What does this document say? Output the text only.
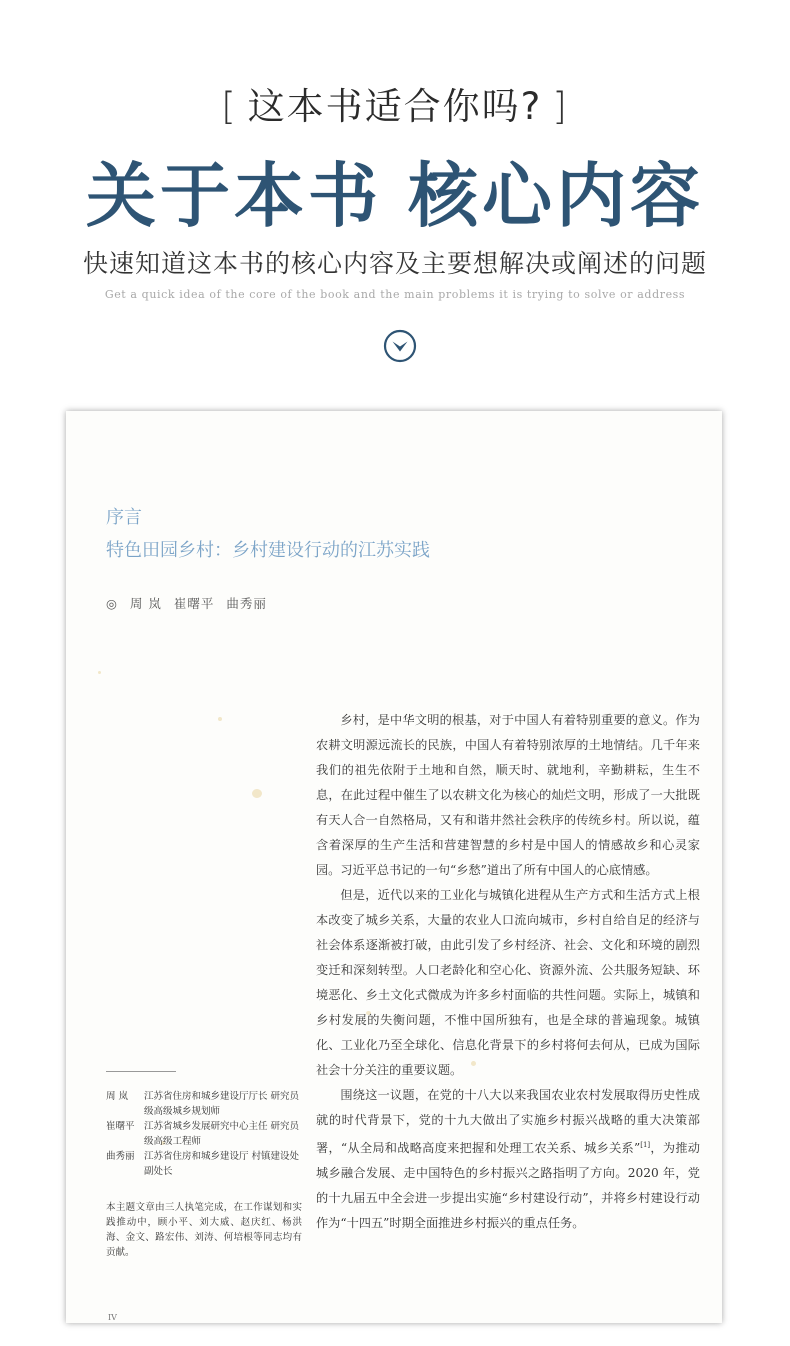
[ 这本书适合你吗? ]
关于本书 核心内容
快速知道这本书的核心内容及主要想解决或阐述的问题
Get a quick idea of the core of the book and the main problems it is trying to solve or address
序言
特色田园乡村：乡村建设行动的江苏实践
◎ 周 岚 崔曙平 曲秀丽

乡村，是中华文明的根基，对于中国人有着特别重要的意义。作为农耕文明源远流长的民族，中国人有着特别浓厚的土地情结。几千年来我们的祖先依附于土地和自然，顺天时、就地利，辛勤耕耘，生生不息，在此过程中催生了以农耕文化为核心的灿烂文明，形成了一大批既有天人合一自然格局，又有和谐井然社会秩序的传统乡村。所以说，蕴含着深厚的生产生活和营建智慧的乡村是中国人的情感故乡和心灵家园。习近平总书记的一句“乡愁”道出了所有中国人的心底情感。

但是，近代以来的工业化与城镇化进程从生产方式和生活方式上根本改变了城乡关系，大量的农业人口流向城市，乡村自给自足的经济与社会体系逐渐被打破，由此引发了乡村经济、社会、文化和环境的剧烈变迁和深刻转型。人口老龄化和空心化、资源外流、公共服务短缺、环境恶化、乡土文化式微成为许多乡村面临的共性问题。实际上，城镇和乡村发展的失衡问题，不惟中国所独有，也是全球的普遍现象。城镇化、工业化乃至全球化、信息化背景下的乡村将何去何从，已成为国际社会十分关注的重要议题。

围绕这一议题，在党的十八大以来我国农业农村发展取得历史性成就的时代背景下，党的十九大做出了实施乡村振兴战略的重大决策部署，“从全局和战略高度来把握和处理工农关系、城乡关系”[1]，为推动城乡融合发展、走中国特色的乡村振兴之路指明了方向。2020 年，党的十九届五中全会进一步提出实施“乡村建设行动”，并将乡村建设行动作为“十四五”时期全面推进乡村振兴的重点任务。

周 岚	江苏省住房和城乡建设厅厅长 研究员级高级城乡规划师
崔曙平 江苏省城乡发展研究中心主任 研究员级高级工程师
曲秀丽 江苏省住房和城乡建设厅 村镇建设处副处长
本主题文章由三人执笔完成，在工作谋划和实践推动中，顾小平、刘大威、赵庆红、杨洪海、金文、路宏伟、刘涛、何培根等同志均有贡献。
IV
